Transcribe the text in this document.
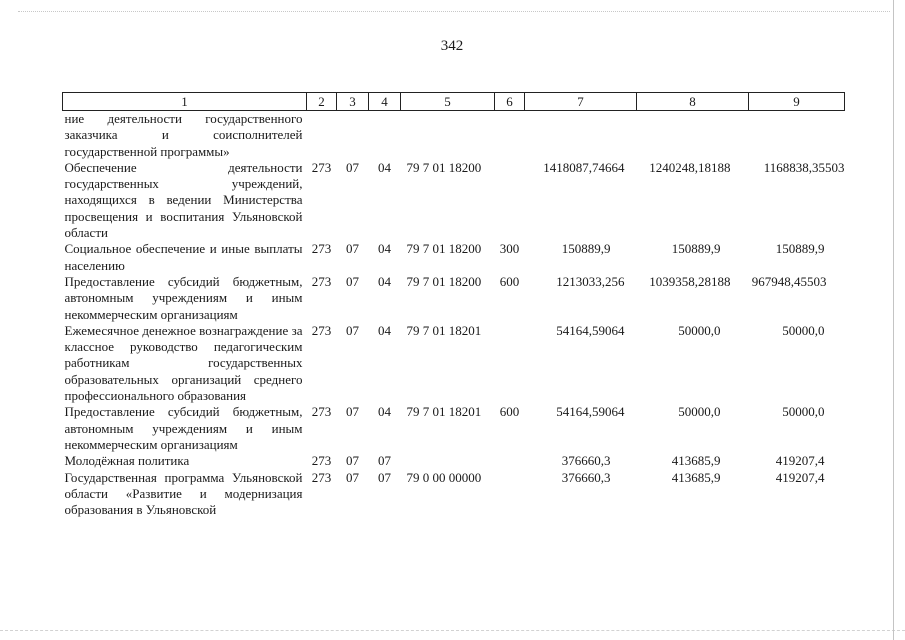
342
1	2	3	4	5	6	7	8	9
ние деятельности государственного заказчика и соисполнителей государственной программы»								
Обеспечение деятельности государственных учреждений, находящихся в ведении Министерства просвещения и воспитания Ульяновской области	273	07	04	79 7 01 18200		1418087,74664	1240248,18188	1168838,35503
Социальное обеспечение и иные выплаты населению	273	07	04	79 7 01 18200	300	150889,9	150889,9	150889,9
Предоставление субсидий бюджетным, автономным учреждениям и иным некоммерческим организациям	273	07	04	79 7 01 18200	600	1213033,256	1039358,28188	967948,45503
Ежемесячное денежное вознаграждение за классное руководство педагогическим работникам государственных образовательных организаций среднего профессионального образования	273	07	04	79 7 01 18201		54164,59064	50000,0	50000,0
Предоставление субсидий бюджетным, автономным учреждениям и иным некоммерческим организациям	273	07	04	79 7 01 18201	600	54164,59064	50000,0	50000,0
Молодёжная политика	273	07	07			376660,3	413685,9	419207,4
Государственная программа Ульяновской области «Развитие и модернизация образования в Ульяновской	273	07	07	79 0 00 00000		376660,3	413685,9	419207,4
